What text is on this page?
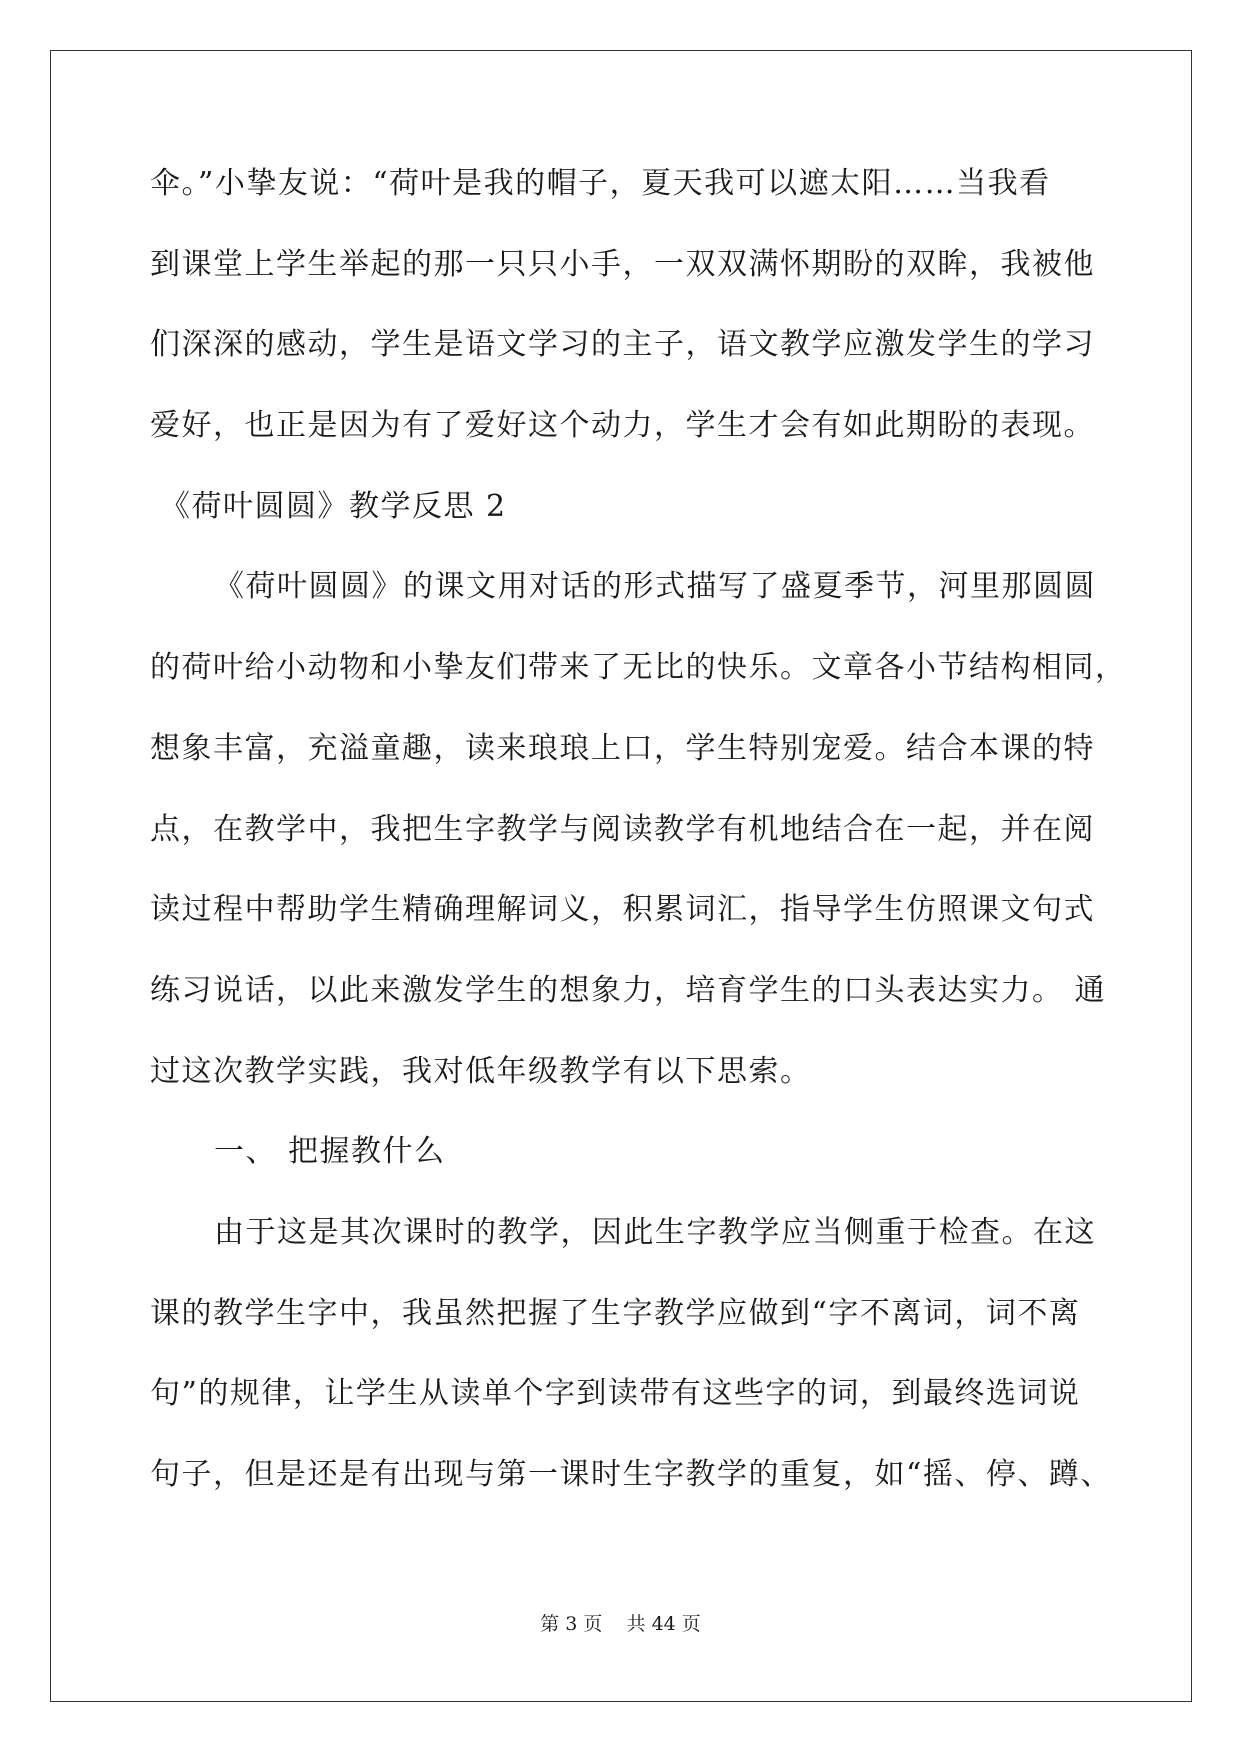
伞。”小挚友说：“荷叶是我的帽子，夏天我可以遮太阳……当我看
到课堂上学生举起的那一只只小手，一双双满怀期盼的双眸，我被他
们深深的感动，学生是语文学习的主子，语文教学应激发学生的学习
爱好，也正是因为有了爱好这个动力，学生才会有如此期盼的表现。
《荷叶圆圆》教学反思 2
《荷叶圆圆》的课文用对话的形式描写了盛夏季节，河里那圆圆
的荷叶给小动物和小挚友们带来了无比的快乐。文章各小节结构相同，
想象丰富，充溢童趣，读来琅琅上口，学生特别宠爱。结合本课的特
点，在教学中，我把生字教学与阅读教学有机地结合在一起，并在阅
读过程中帮助学生精确理解词义，积累词汇，指导学生仿照课文句式
练习说话，以此来激发学生的想象力，培育学生的口头表达实力。 通
过这次教学实践，我对低年级教学有以下思索。
一、 把握教什么
由于这是其次课时的教学，因此生字教学应当侧重于检查。在这
课的教学生字中，我虽然把握了生字教学应做到“字不离词，词不离
句”的规律，让学生从读单个字到读带有这些字的词，到最终选词说
句子，但是还是有出现与第一课时生字教学的重复，如“摇、停、蹲、
第 3 页    共 44 页
